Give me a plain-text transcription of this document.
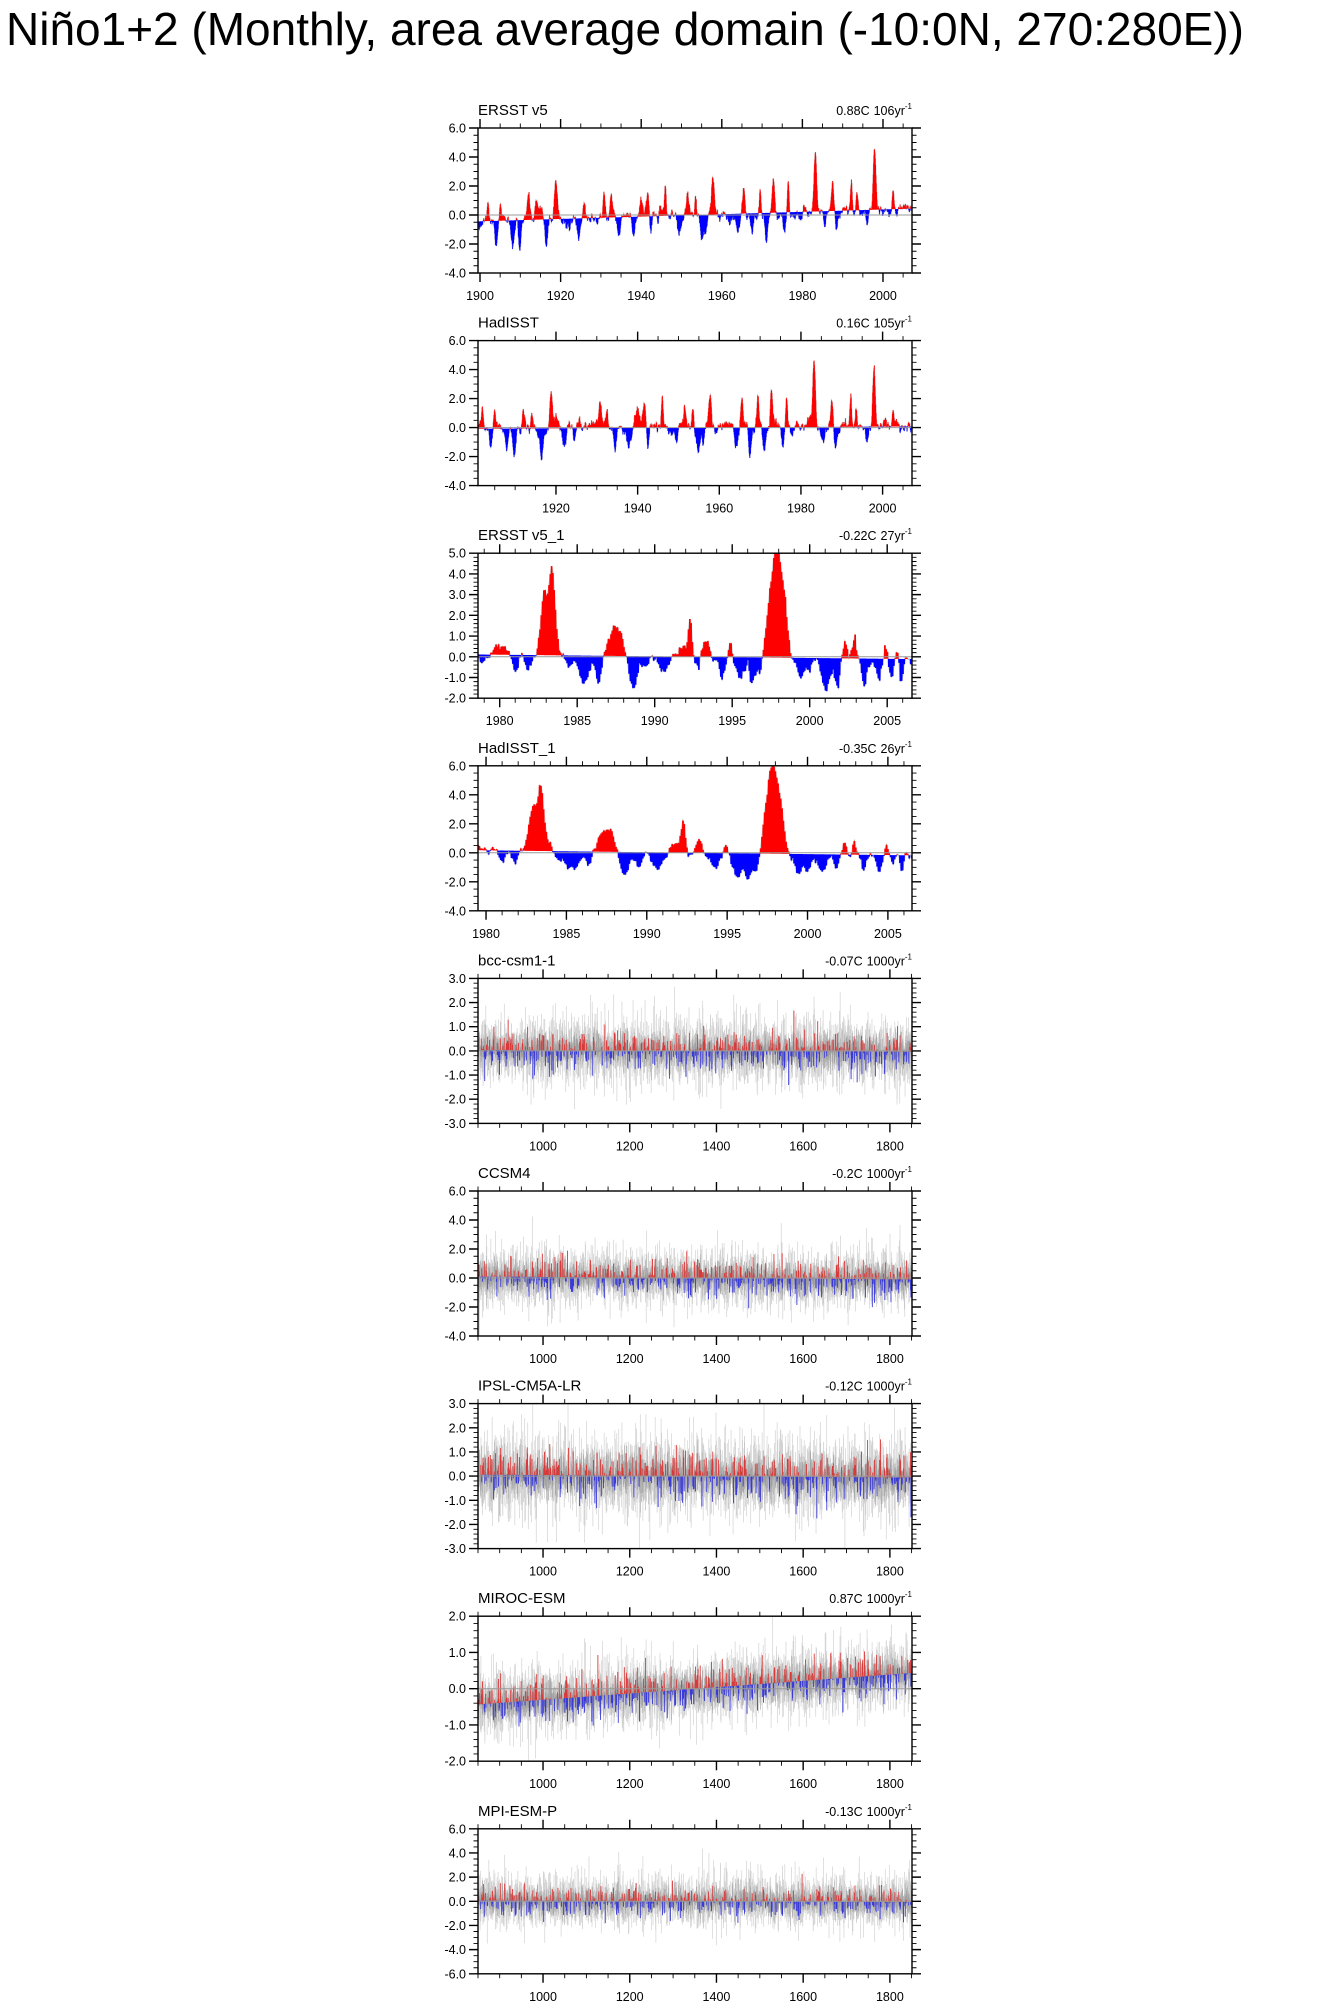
Niño1+2 (Monthly, area average domain (-10:0N, 270:280E))
1900	1920	1940	1960	1980	2000
-4.0
-2.0
0.0
2.0
4.0
6.0
ERSST v5	0.88C $106yr^{-1}$
1920	1940	1960	1980	2000
-4.0
-2.0
0.0
2.0
4.0
6.0
HadISST	0.16C $105yr^{-1}$
1980	1985	1990	1995	2000	2005
-2.0
-1.0
0.0
1.0
2.0
3.0
4.0
5.0
ERSST v5_1	-0.22C $27yr^{-1}$
1980	1985	1990	1995	2000	2005
-4.0
-2.0
0.0
2.0
4.0
6.0
HadISST_1	-0.35C $26yr^{-1}$
1000	1200	1400	1600	1800
-3.0
-2.0
-1.0
0.0
1.0
2.0
3.0
bcc-csm1-1	-0.07C $1000yr^{-1}$
1000	1200	1400	1600	1800
-4.0
-2.0
0.0
2.0
4.0
6.0
CCSM4	-0.2C $1000yr^{-1}$
1000	1200	1400	1600	1800
-3.0
-2.0
-1.0
0.0
1.0
2.0
3.0
IPSL-CM5A-LR	-0.12C $1000yr^{-1}$
1000	1200	1400	1600	1800
-2.0
-1.0
0.0
1.0
2.0
MIROC-ESM	0.87C $1000yr^{-1}$
1000	1200	1400	1600	1800
-6.0
-4.0
-2.0
0.0
2.0
4.0
6.0
MPI-ESM-P	-0.13C $1000yr^{-1}$
